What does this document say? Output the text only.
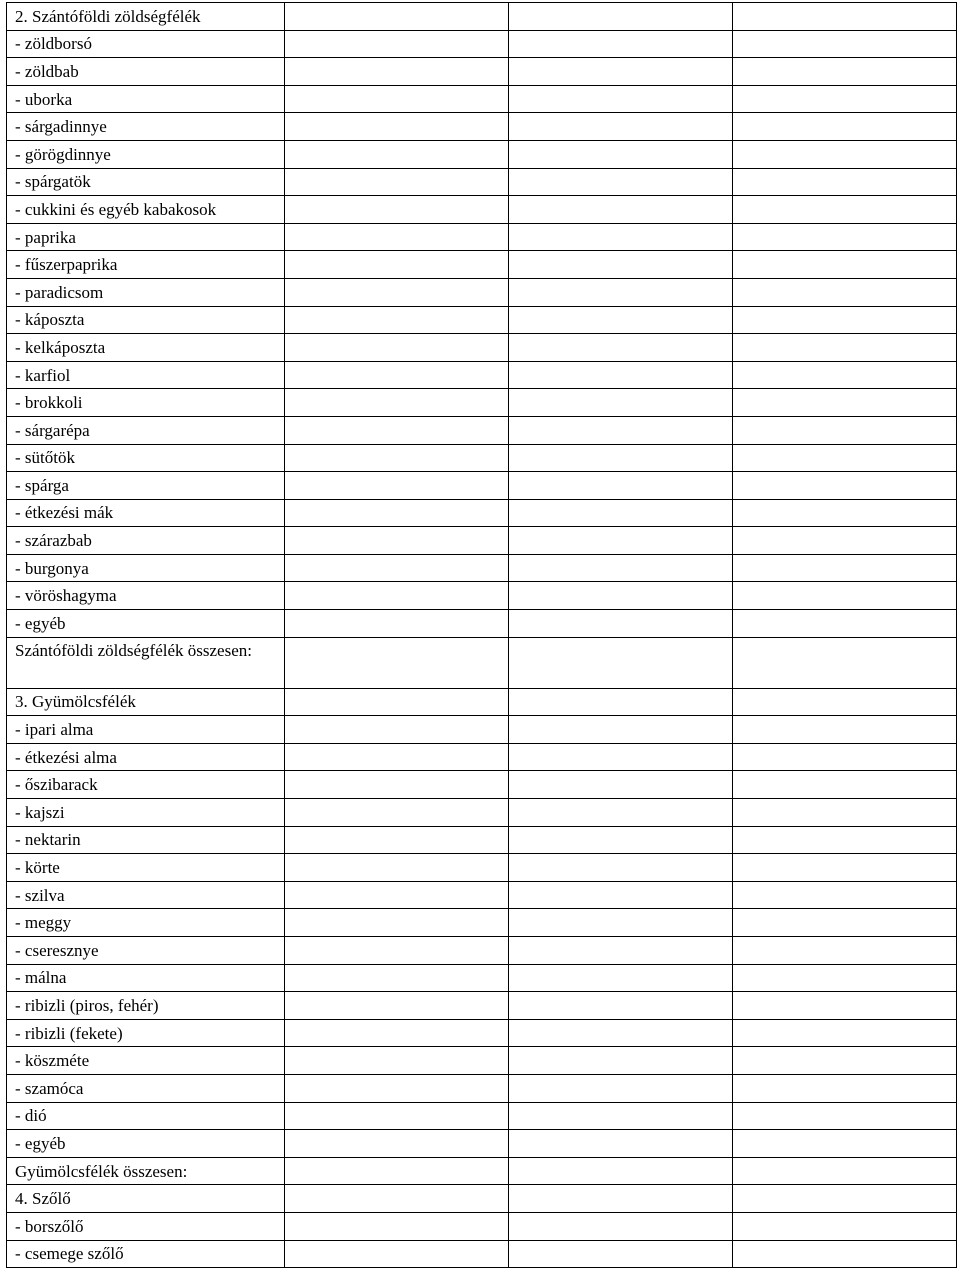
2. Szántóföldi zöldségfélék			
- zöldborsó			
- zöldbab			
- uborka			
- sárgadinnye			
- görögdinnye			
- spárgatök			
- cukkini és egyéb kabakosok			
- paprika			
- fűszerpaprika			
- paradicsom			
- káposzta			
- kelkáposzta			
- karfiol			
- brokkoli			
- sárgarépa			
- sütőtök			
- spárga			
- étkezési mák			
- szárazbab			
- burgonya			
- vöröshagyma			
- egyéb			
Szántóföldi zöldségfélék összesen:			
3. Gyümölcsfélék			
- ipari alma			
- étkezési alma			
- őszibarack			
- kajszi			
- nektarin			
- körte			
- szilva			
- meggy			
- cseresznye			
- málna			
- ribizli (piros, fehér)			
- ribizli (fekete)			
- köszméte			
- szamóca			
- dió			
- egyéb			
Gyümölcsfélék összesen:			
4. Szőlő			
- borszőlő			
- csemege szőlő			
